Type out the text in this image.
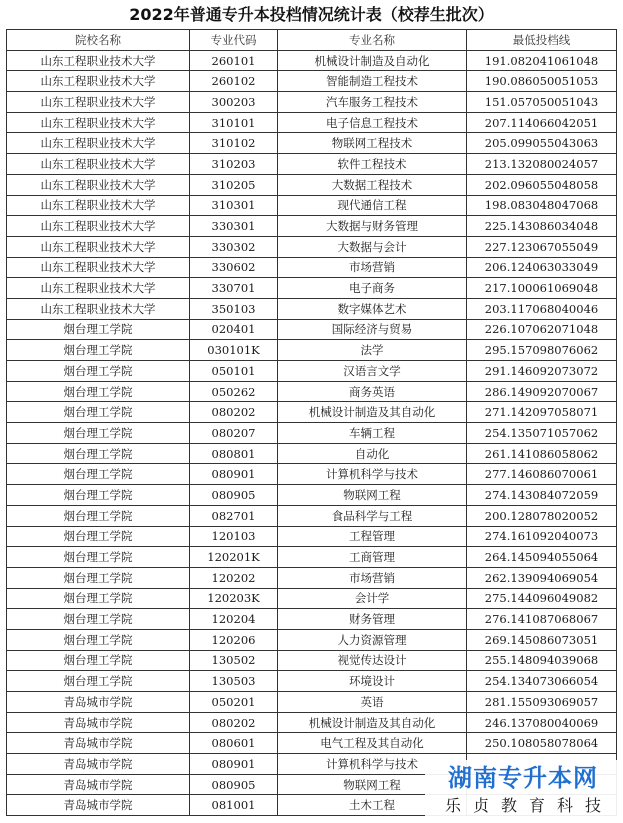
2022年普通专升本投档情况统计表（校荐生批次）
院校名称	专业代码	专业名称	最低投档线
山东工程职业技术大学	260101	机械设计制造及自动化	191.082041061048
山东工程职业技术大学	260102	智能制造工程技术	190.086050051053
山东工程职业技术大学	300203	汽车服务工程技术	151.057050051043
山东工程职业技术大学	310101	电子信息工程技术	207.114066042051
山东工程职业技术大学	310102	物联网工程技术	205.099055043063
山东工程职业技术大学	310203	软件工程技术	213.132080024057
山东工程职业技术大学	310205	大数据工程技术	202.096055048058
山东工程职业技术大学	310301	现代通信工程	198.083048047068
山东工程职业技术大学	330301	大数据与财务管理	225.143086034048
山东工程职业技术大学	330302	大数据与会计	227.123067055049
山东工程职业技术大学	330602	市场营销	206.124063033049
山东工程职业技术大学	330701	电子商务	217.100061069048
山东工程职业技术大学	350103	数字媒体艺术	203.117068040046
烟台理工学院	020401	国际经济与贸易	226.107062071048
烟台理工学院	030101K	法学	295.157098076062
烟台理工学院	050101	汉语言文学	291.146092073072
烟台理工学院	050262	商务英语	286.149092070067
烟台理工学院	080202	机械设计制造及其自动化	271.142097058071
烟台理工学院	080207	车辆工程	254.135071057062
烟台理工学院	080801	自动化	261.141086058062
烟台理工学院	080901	计算机科学与技术	277.146086070061
烟台理工学院	080905	物联网工程	274.143084072059
烟台理工学院	082701	食品科学与工程	200.128078020052
烟台理工学院	120103	工程管理	274.161092040073
烟台理工学院	120201K	工商管理	264.145094055064
烟台理工学院	120202	市场营销	262.139094069054
烟台理工学院	120203K	会计学	275.144096049082
烟台理工学院	120204	财务管理	276.141087068067
烟台理工学院	120206	人力资源管理	269.145086073051
烟台理工学院	130502	视觉传达设计	255.148094039068
烟台理工学院	130503	环境设计	254.134073066054
青岛城市学院	050201	英语	281.155093069057
青岛城市学院	080202	机械设计制造及其自动化	246.137080040069
青岛城市学院	080601	电气工程及其自动化	250.108058078064
青岛城市学院	080901	计算机科学与技术	
青岛城市学院	080905	物联网工程	
青岛城市学院	081001	土木工程	
湖南专升本网
乐贞教育科技
